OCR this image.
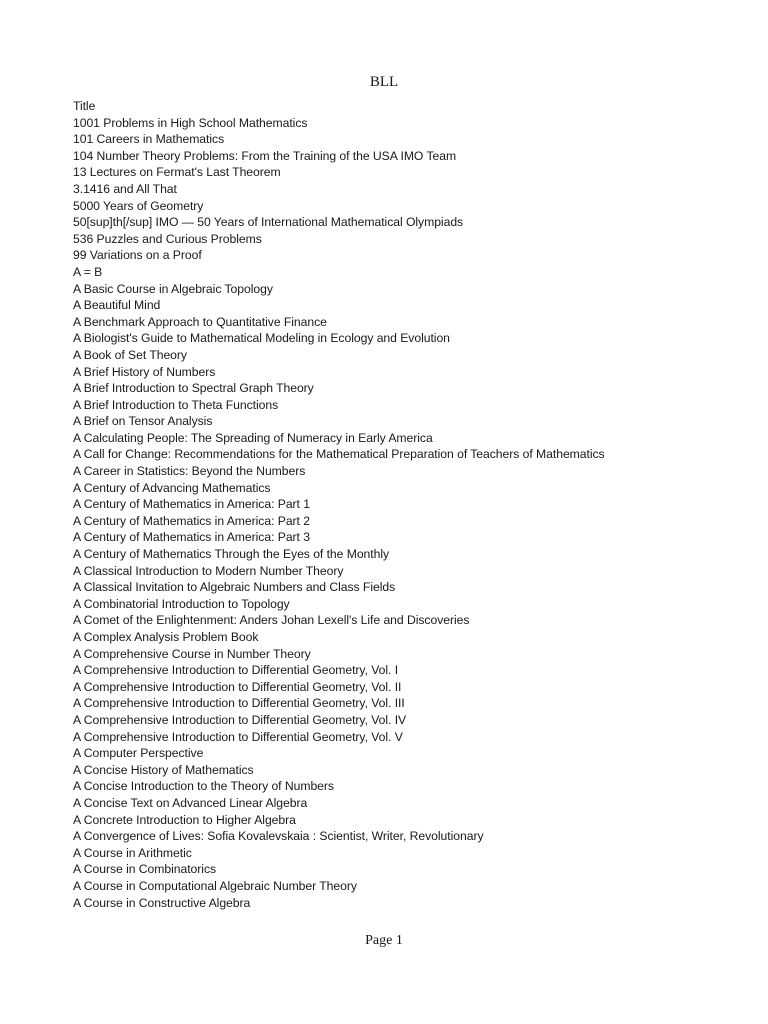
BLL
Title
1001 Problems in High School Mathematics
101 Careers in Mathematics
104 Number Theory Problems: From the Training of the USA IMO Team
13 Lectures on Fermat's Last Theorem
3.1416 and All That
5000 Years of Geometry
50[sup]th[/sup] IMO — 50 Years of International Mathematical Olympiads
536 Puzzles and Curious Problems
99 Variations on a Proof
A = B
A Basic Course in Algebraic Topology
A Beautiful Mind
A Benchmark Approach to Quantitative Finance
A Biologist's Guide to Mathematical Modeling in Ecology and Evolution
A Book of Set Theory
A Brief History of Numbers
A Brief Introduction to Spectral Graph Theory
A Brief Introduction to Theta Functions
A Brief on Tensor Analysis
A Calculating People: The Spreading of Numeracy in Early America
A Call for Change: Recommendations for the Mathematical Preparation of Teachers of Mathematics
A Career in Statistics: Beyond the Numbers
A Century of Advancing Mathematics
A Century of Mathematics in America: Part 1
A Century of Mathematics in America: Part 2
A Century of Mathematics in America: Part 3
A Century of Mathematics Through the Eyes of the Monthly
A Classical Introduction to Modern Number Theory
A Classical Invitation to Algebraic Numbers and Class Fields
A Combinatorial Introduction to Topology
A Comet of the Enlightenment: Anders Johan Lexell's Life and Discoveries
A Complex Analysis Problem Book
A Comprehensive Course in Number Theory
A Comprehensive Introduction to Differential Geometry, Vol. I
A Comprehensive Introduction to Differential Geometry, Vol. II
A Comprehensive Introduction to Differential Geometry, Vol. III
A Comprehensive Introduction to Differential Geometry, Vol. IV
A Comprehensive Introduction to Differential Geometry, Vol. V
A Computer Perspective
A Concise History of Mathematics
A Concise Introduction to the Theory of Numbers
A Concise Text on Advanced Linear Algebra
A Concrete Introduction to Higher Algebra
A Convergence of Lives: Sofia Kovalevskaia : Scientist, Writer, Revolutionary
A Course in Arithmetic
A Course in Combinatorics
A Course in Computational Algebraic Number Theory
A Course in Constructive Algebra
Page 1
